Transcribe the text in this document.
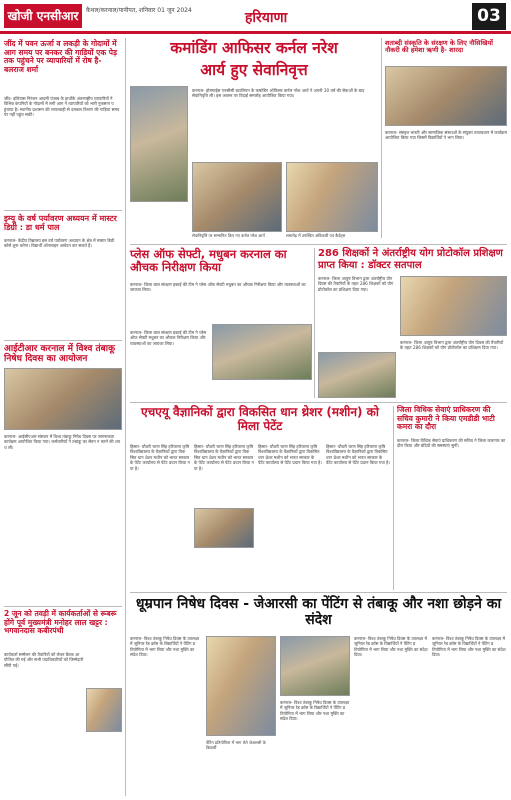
खोजी एनसीआर	कैथल/करनाल/पानीपत, शनिवार 01 जून 2024	हरियाणा	03
जींद में पवन ऊर्जा व लकड़ी के गोदामों में आग समय पर बनकर की गाडियों एक पेड़ तक पहुंचने पर व्यापारियों में रोष है- बलराज शर्मा
जींद- इलियास निरंजन आदमी पंजाब के हाथोंके अंतरराष्ट्रीय व्यापारियों ने विभिन्न कंपनियों के गोदामों में लगी आग ने व्यापारियों को भारी नुकसान पहुंचाया है। स्थानीय प्रशासन की लापरवाही से दमकल विभाग की गाड़ियां समय पर नहीं पहुंच सकीं।
इम्यू के वर्ष पर्यावरण अध्ययन में मास्टर डिग्री : डा धर्म पाल
करनाल- केंद्रीय विद्यालय इस वर्ष पर्यावरण अध्ययन के क्षेत्र में मास्टर डिग्री कोर्स शुरू करेगा। विद्यार्थी ऑनलाइन आवेदन कर सकते हैं।
आईटीआर करनाल में विश्व तंबाकू निषेध दिवस का आयोजन
करनाल- आईसीएआर संस्थान में विश्व तंबाकू निषेध दिवस पर जागरूकता कार्यक्रम आयोजित किया गया। कर्मचारियों ने तंबाकू का सेवन न करने की शपथ ली।
2 जून को तवड़ी में कार्यकर्ताओं से रूबरू होंगे पूर्व मुख्यमंत्री मनोहर लाल खट्टर : भगवानदास कबीरपंथी
कार्यकर्ता सम्मेलन की तैयारियों को लेकर बैठक आयोजित की गई और सभी पदाधिकारियों को जिम्मेदारी सौंपी गई।
कमांडिंग आफिसर कर्नल नरेश
आर्य हुए सेवानिवृत्त
करनाल- होमगार्ड्स एनसीसी बटालियन के कमांडिंग ऑफिसर कर्नल नरेश आर्य ने अपनी 30 वर्ष की सेवाओं के बाद सेवानिवृत्ति ली। इस अवसर पर विदाई समारोह आयोजित किया गया।
सेवानिवृत्ति पर सम्मानित किए गए कर्नल नरेश आर्य	समारोह में उपस्थित अधिकारी एवं कैडेट्स
शताब्दी संस्कृति के संरक्षण के लिए नौसिखियों नौकरी की हमेशा ऋणी है- शारदा
करनाल- संस्कृत भारती और सामाजिक संस्थाओं के संयुक्त तत्वावधान में कार्यक्रम आयोजित किया गया जिसमें विद्यार्थियों ने भाग लिया।
प्लेस ऑफ सेफ्टी, मधुबन करनाल का औचक निरीक्षण किया
करनाल- जिला बाल संरक्षण इकाई की टीम ने प्लेस ऑफ सेफ्टी मधुबन का औचक निरीक्षण किया और व्यवस्थाओं का जायजा लिया।
करनाल- जिला बाल संरक्षण इकाई की टीम ने प्लेस ऑफ सेफ्टी मधुबन का औचक निरीक्षण किया और व्यवस्थाओं का जायजा लिया।
286 शिक्षकों ने अंतर्राष्ट्रीय योग प्रोटोकॉल प्रशिक्षण प्राप्त किया : डॉक्टर सतपाल
करनाल- जिला आयुष विभाग द्वारा अंतर्राष्ट्रीय योग दिवस की तैयारियों के तहत 286 शिक्षकों को योग प्रोटोकॉल का प्रशिक्षण दिया गया।
करनाल- जिला आयुष विभाग द्वारा अंतर्राष्ट्रीय योग दिवस की तैयारियों के तहत 286 शिक्षकों को योग प्रोटोकॉल का प्रशिक्षण दिया गया।
एचएयू वैज्ञानिकों द्वारा विकसित धान थ्रेशर (मशीन) को मिला पेटेंट
हिसार- चौधरी चरण सिंह हरियाणा कृषि विश्वविद्यालय के वैज्ञानिकों द्वारा विकसित धान थ्रेशर मशीन को भारत सरकार के पेटेंट कार्यालय से पेटेंट प्रदान किया गया है।
हिसार- चौधरी चरण सिंह हरियाणा कृषि विश्वविद्यालय के वैज्ञानिकों द्वारा विकसित धान थ्रेशर मशीन को भारत सरकार के पेटेंट कार्यालय से पेटेंट प्रदान किया गया है।
हिसार- चौधरी चरण सिंह हरियाणा कृषि विश्वविद्यालय के वैज्ञानिकों द्वारा विकसित धान थ्रेशर मशीन को भारत सरकार के पेटेंट कार्यालय से पेटेंट प्रदान किया गया है।
हिसार- चौधरी चरण सिंह हरियाणा कृषि विश्वविद्यालय के वैज्ञानिकों द्वारा विकसित धान थ्रेशर मशीन को भारत सरकार के पेटेंट कार्यालय से पेटेंट प्रदान किया गया है।
जिला विधिक सेवाएं प्राधिकरण की सचिव कुमारी ने किया एमडीडी भाटी कमरा का दौरा
करनाल- जिला विधिक सेवाएं प्राधिकरण की सचिव ने जिला कारागार का दौरा किया और बंदियों की समस्याएं सुनीं।
धूम्रपान निषेध दिवस - जेआरसी का पेंटिंग से तंबाकू और नशा छोड़ने का संदेश
करनाल- विश्व तंबाकू निषेध दिवस के उपलक्ष्य में जूनियर रेड क्रॉस के विद्यार्थियों ने पेंटिंग प्रतियोगिता में भाग लिया और नशा मुक्ति का संदेश दिया।
पेंटिंग प्रतियोगिता में भाग लेते जेआरसी के विद्यार्थी
करनाल- विश्व तंबाकू निषेध दिवस के उपलक्ष्य में जूनियर रेड क्रॉस के विद्यार्थियों ने पेंटिंग प्रतियोगिता में भाग लिया और नशा मुक्ति का संदेश दिया।
करनाल- विश्व तंबाकू निषेध दिवस के उपलक्ष्य में जूनियर रेड क्रॉस के विद्यार्थियों ने पेंटिंग प्रतियोगिता में भाग लिया और नशा मुक्ति का संदेश दिया।
करनाल- विश्व तंबाकू निषेध दिवस के उपलक्ष्य में जूनियर रेड क्रॉस के विद्यार्थियों ने पेंटिंग प्रतियोगिता में भाग लिया और नशा मुक्ति का संदेश दिया।
